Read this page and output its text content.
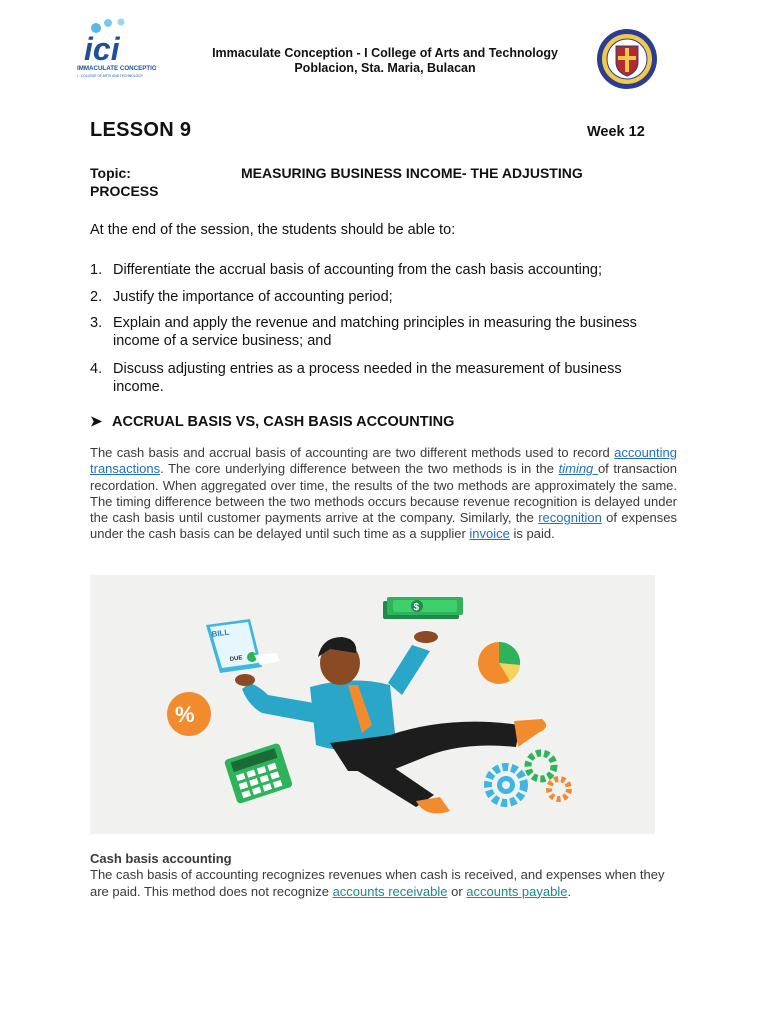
ici
IMMACULATE CONCEPTION
I - COLLEGE OF ARTS AND TECHNOLOGY
Immaculate Conception - I College of Arts and Technology
Poblacion, Sta. Maria, Bulacan
LESSON 9	Week 12
Topic:	MEASURING BUSINESS INCOME- THE ADJUSTING
PROCESS
At the end of the session, the students should be able to:
1. Differentiate the accrual basis of accounting from the cash basis accounting;
2. Justify the importance of accounting period;
3. Explain and apply the revenue and matching principles in measuring the business income of a service business; and
4. Discuss adjusting entries as a process needed in the measurement of business income.
➤ ACCRUAL BASIS VS, CASH BASIS ACCOUNTING
The cash basis and accrual basis of accounting are two different methods used to record accounting transactions. The core underlying difference between the two methods is in the timing of transaction recordation. When aggregated over time, the results of the two methods are approximately the same. The timing difference between the two methods occurs because revenue recognition is delayed under the cash basis until customer payments arrive at the company. Similarly, the recognition of expenses under the cash basis can be delayed until such time as a supplier invoice is paid.
BILL
DUE
%
$
Cash basis accounting
The cash basis of accounting recognizes revenues when cash is received, and expenses when they are paid. This method does not recognize accounts receivable or accounts payable.
